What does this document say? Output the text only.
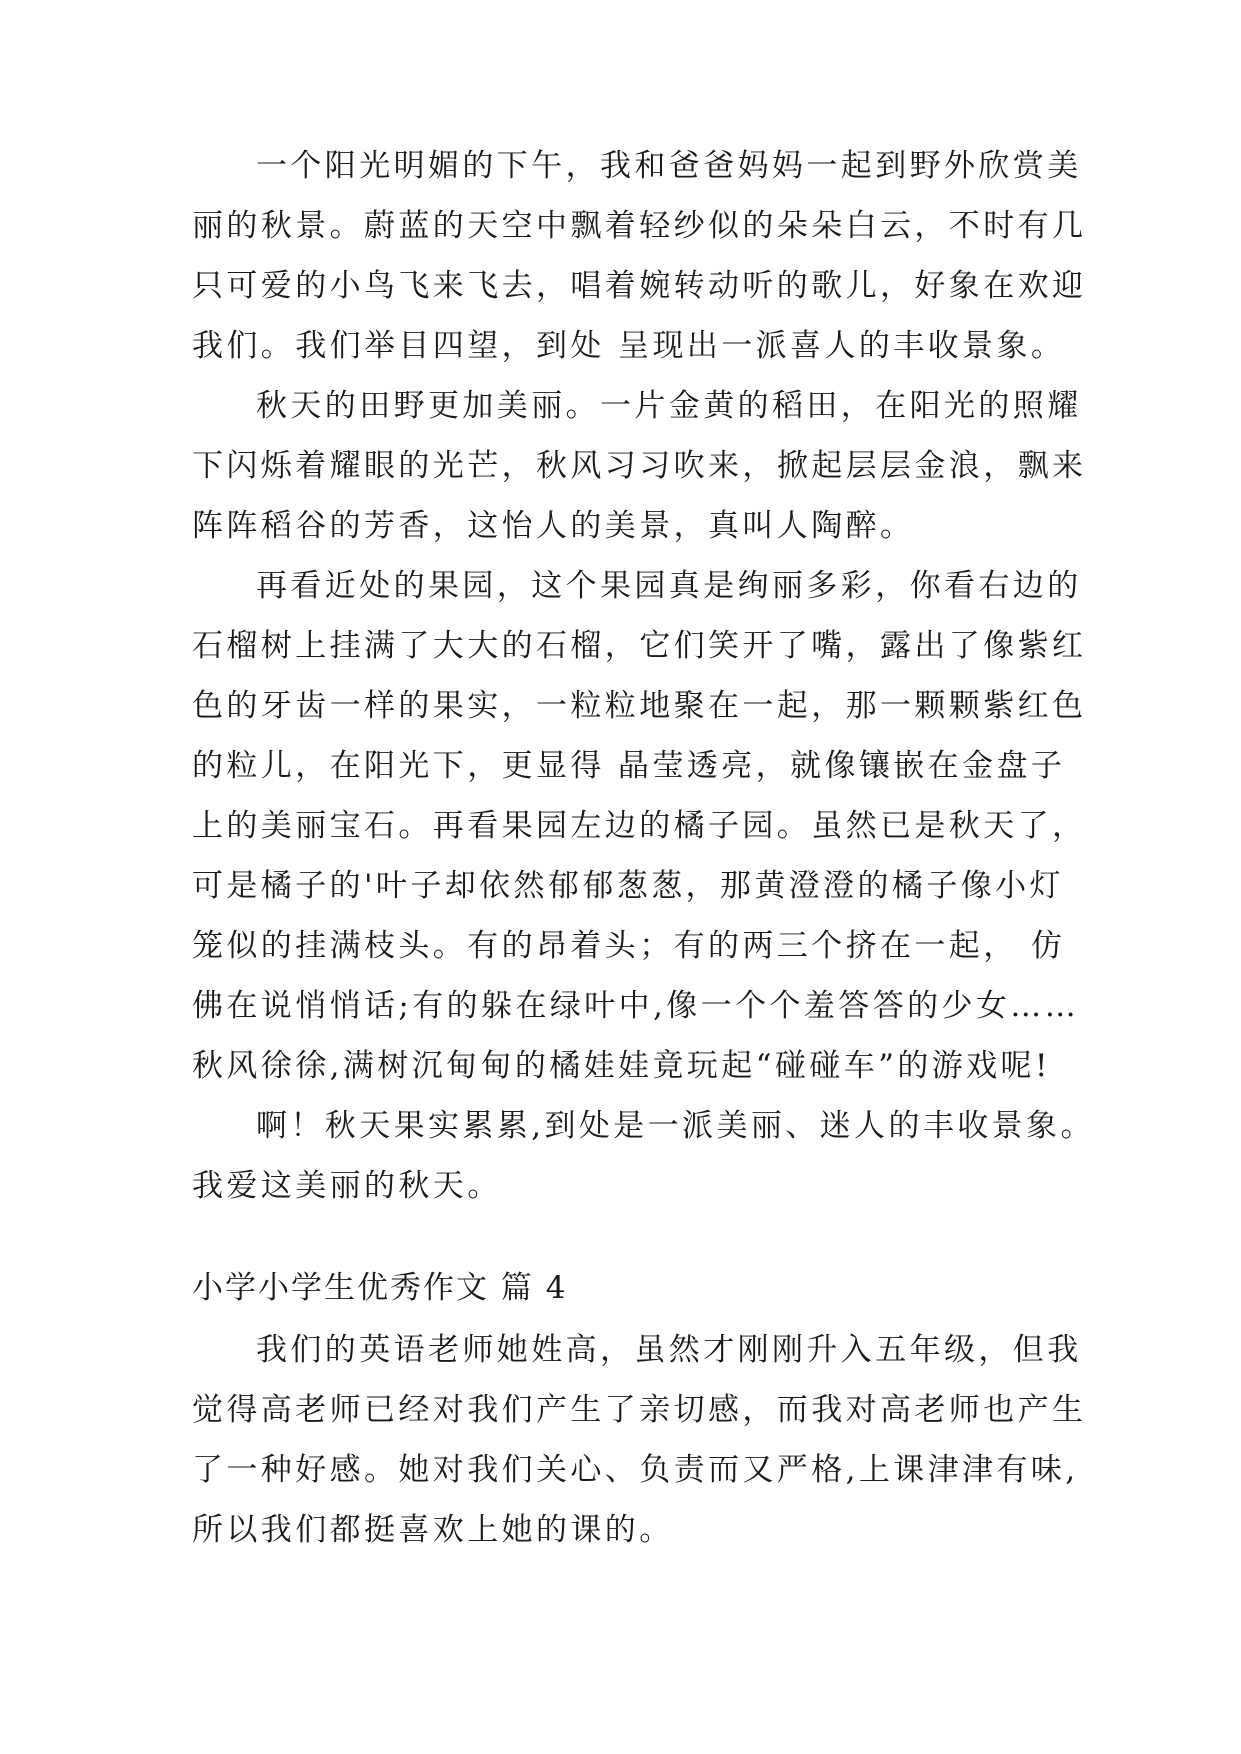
一个阳光明媚的下午，我和爸爸妈妈一起到野外欣赏美
丽的秋景。蔚蓝的天空中飘着轻纱似的朵朵白云，不时有几
只可爱的小鸟飞来飞去，唱着婉转动听的歌儿，好象在欢迎
我们。我们举目四望，到处 呈现出一派喜人的丰收景象。
秋天的田野更加美丽。一片金黄的稻田，在阳光的照耀
下闪烁着耀眼的光芒，秋风习习吹来，掀起层层金浪，飘来
阵阵稻谷的芳香，这怡人的美景，真叫人陶醉。
再看近处的果园，这个果园真是绚丽多彩，你看右边的
石榴树上挂满了大大的石榴，它们笑开了嘴，露出了像紫红
色的牙齿一样的果实，一粒粒地聚在一起，那一颗颗紫红色
的粒儿，在阳光下，更显得 晶莹透亮，就像镶嵌在金盘子
上的美丽宝石。再看果园左边的橘子园。虽然已是秋天了，
可是橘子的'叶子却依然郁郁葱葱，那黄澄澄的橘子像小灯
笼似的挂满枝头。有的昂着头；有的两三个挤在一起， 仿
佛在说悄悄话;有的躲在绿叶中,像一个个羞答答的少女……
秋风徐徐,满树沉甸甸的橘娃娃竟玩起“碰碰车”的游戏呢!
啊！秋天果实累累,到处是一派美丽、迷人的丰收景象。
我爱这美丽的秋天。
小学小学生优秀作文 篇 4
我们的英语老师她姓高，虽然才刚刚升入五年级，但我
觉得高老师已经对我们产生了亲切感，而我对高老师也产生
了一种好感。她对我们关心、负责而又严格,上课津津有味,
所以我们都挺喜欢上她的课的。
